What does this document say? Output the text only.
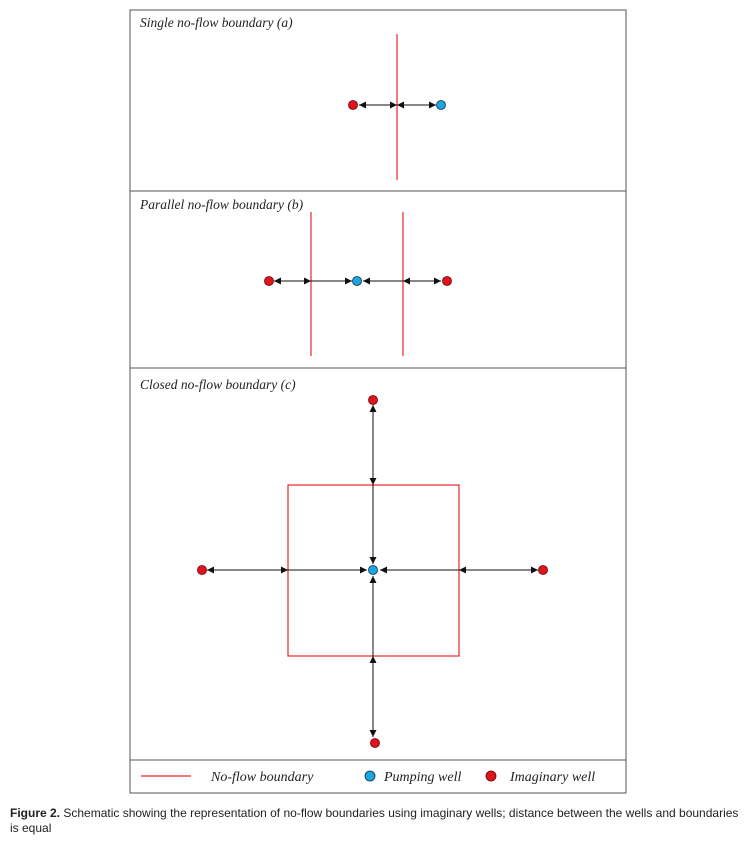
Single no-flow boundary (a)
Parallel no-flow boundary (b)
Closed no-flow boundary (c)
No-flow boundary	Pumping well	Imaginary well
Figure 2. Schematic showing the representation of no-flow boundaries using imaginary wells; distance between the wells and boundaries is equal
